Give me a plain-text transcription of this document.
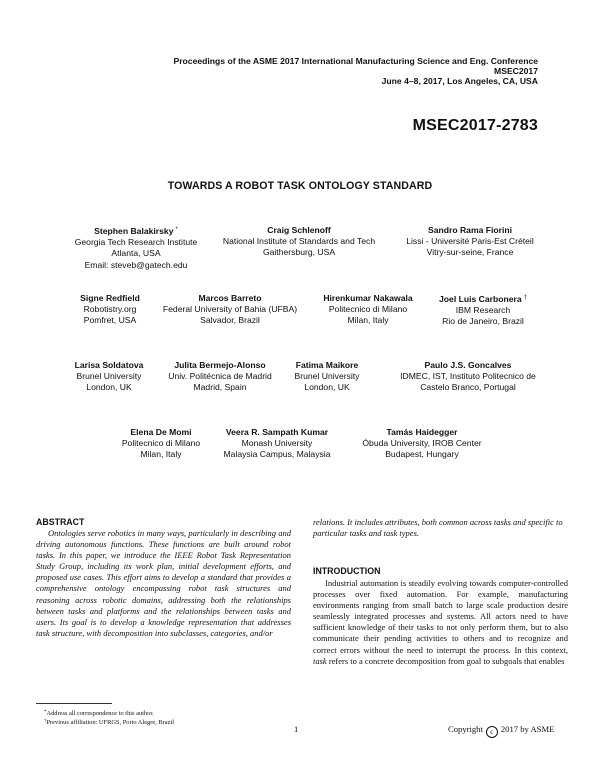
Proceedings of the ASME 2017 International Manufacturing Science and Eng. Conference
MSEC2017
June 4–8, 2017, Los Angeles, CA, USA
MSEC2017-2783
TOWARDS A ROBOT TASK ONTOLOGY STANDARD
Stephen Balakirsky *
Georgia Tech Research Institute
Atlanta, USA
Email: steveb@gatech.edu
Craig Schlenoff
National Institute of Standards and Tech
Gaithersburg, USA
Sandro Rama Fiorini
Lissi - Université Paris-Est Créteil
Vitry-sur-seine, France
Signe Redfield
Robotistry.org
Pomfret, USA
Marcos Barreto
Federal University of Bahia (UFBA)
Salvador, Brazil
Hirenkumar Nakawala
Politecnico di Milano
Milan, Italy
Joel Luis Carbonera †
IBM Research
Rio de Janeiro, Brazil
Larisa Soldatova
Brunel University
London, UK
Julita Bermejo-Alonso
Univ. Politécnica de Madrid
Madrid, Spain
Fatima Maikore
Brunel University
London, UK
Paulo J.S. Goncalves
IDMEC, IST, Instituto Politecnico de
Castelo Branco, Portugal
Elena De Momi
Politecnico di Milano
Milan, Italy
Veera R. Sampath Kumar
Monash University
Malaysia Campus, Malaysia
Tamás Haidegger
Óbuda University, IROB Center
Budapest, Hungary
ABSTRACT
Ontologies serve robotics in many ways, particularly in describing and driving autonomous functions. These functions are built around robot tasks. In this paper, we introduce the IEEE Robot Task Representation Study Group, including its work plan, initial development efforts, and proposed use cases. This effort aims to develop a standard that provides a comprehensive ontology encompassing robot task structures and reasoning across robotic domains, addressing both the relationships between tasks and platforms and the relationships between tasks and users. Its goal is to develop a knowledge representation that addresses task structure, with decomposition into subclasses, categories, and/or
relations. It includes attributes, both common across tasks and specific to particular tasks and task types.
INTRODUCTION
Industrial automation is steadily evolving towards computer-controlled processes over fixed automation. For example, manufacturing environments ranging from small batch to large scale production desire seamlessly integrated processes and systems. All actors need to have sufficient knowledge of their tasks to not only perform them, but to also communicate their pending activities to others and to recognize and correct errors without the need to interrupt the process. In this context, task refers to a concrete decomposition from goal to subgoals that enables
*Address all correspondence to this author.
†Previous affiliation: UFRGS, Porto Alegre, Brazil
1	Copyright c 2017 by ASME
